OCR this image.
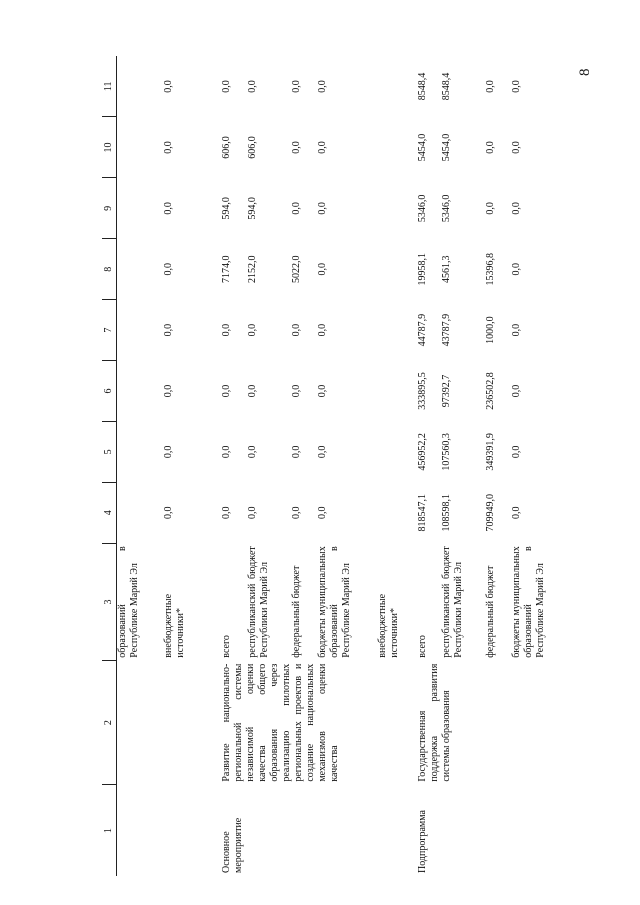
8
1	2	3	4	5	6	7	8	9	10	11
		образований в Республике Марий Эл								
		внебюджетные источники*	0,0	0,0	0,0	0,0	0,0	0,0	0,0	0,0
Основное мероприятие	Развитие национально-региональной системы независимой оценки качества общего образования через реализацию пилотных региональных проектов и создание национальных механизмов оценки качества	всего	0,0	0,0	0,0	0,0	7174,0	594,0	606,0	0,0
		республиканский бюджет Республики Марий Эл	0,0	0,0	0,0	0,0	2152,0	594,0	606,0	0,0
		федеральный бюджет	0,0	0,0	0,0	0,0	5022,0	0,0	0,0	0,0
		бюджеты муниципальных образований в Республике Марий Эл	0,0	0,0	0,0	0,0	0,0	0,0	0,0	0,0
		внебюджетные источники*								
Подпрограмма	Государственная поддержка развития системы образования	всего	818547,1	456952,2	333895,5	44787,9	19958,1	5346,0	5454,0	8548,4
		республиканский бюджет Республики Марий Эл	108598,1	107560,3	97392,7	43787,9	4561,3	5346,0	5454,0	8548,4
		федеральный бюджет	709949,0	349391,9	236502,8	1000,0	15396,8	0,0	0,0	0,0
		бюджеты муниципальных образований в Республике Марий Эл	0,0	0,0	0,0	0,0	0,0	0,0	0,0	0,0
